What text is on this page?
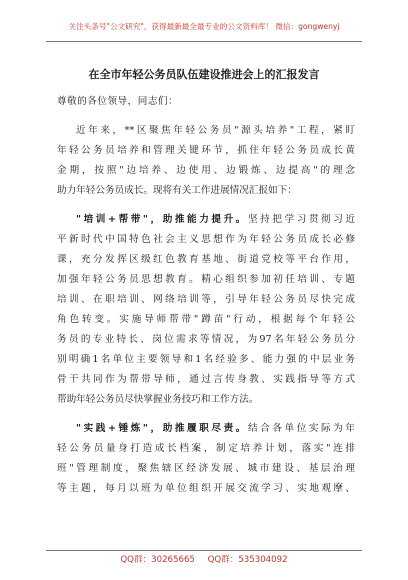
关注头条号"公文研究"，获得最新最全最专业的公文资料库！ 微信：gongwenyj
在全市年轻公务员队伍建设推进会上的汇报发言
尊敬的各位领导，同志们：
近年来，**区聚焦年轻公务员"源头培养"工程，紧盯
年轻公务员培养和管理关键环节，抓住年轻公务员成长黄
金期，按照"边培养、边使用、边锻炼、边提高"的理念
助力年轻公务员成长。现将有关工作进展情况汇报如下：
"培训+帮带"，助推能力提升。坚持把学习贯彻习近
平新时代中国特色社会主义思想作为年轻公务员成长必修
课，充分发挥区级红色教育基地、街道党校等平台作用，
加强年轻公务员思想教育。精心组织参加初任培训、专题
培训、在职培训、网络培训等，引导年轻公务员尽快完成
角色转变。实施导师帮带"蹲苗"行动，根据每个年轻公
务员的专业特长、岗位需求等情况，为97名年轻公务员分
别明确1名单位主要领导和1名经验多、能力强的中层业务
骨干共同作为帮带导师，通过言传身教、实践指导等方式
帮助年轻公务员尽快掌握业务技巧和工作方法。
"实践+锤炼"，助推履职尽责。结合各单位实际为年
轻公务员量身打造成长档案，制定培养计划，落实"连排
班"管理制度，聚焦辖区经济发展、城市建设、基层治理
等主题，每月以班为单位组织开展交流学习、实地观摩、
QQ群：30265665 QQ群：535304092
